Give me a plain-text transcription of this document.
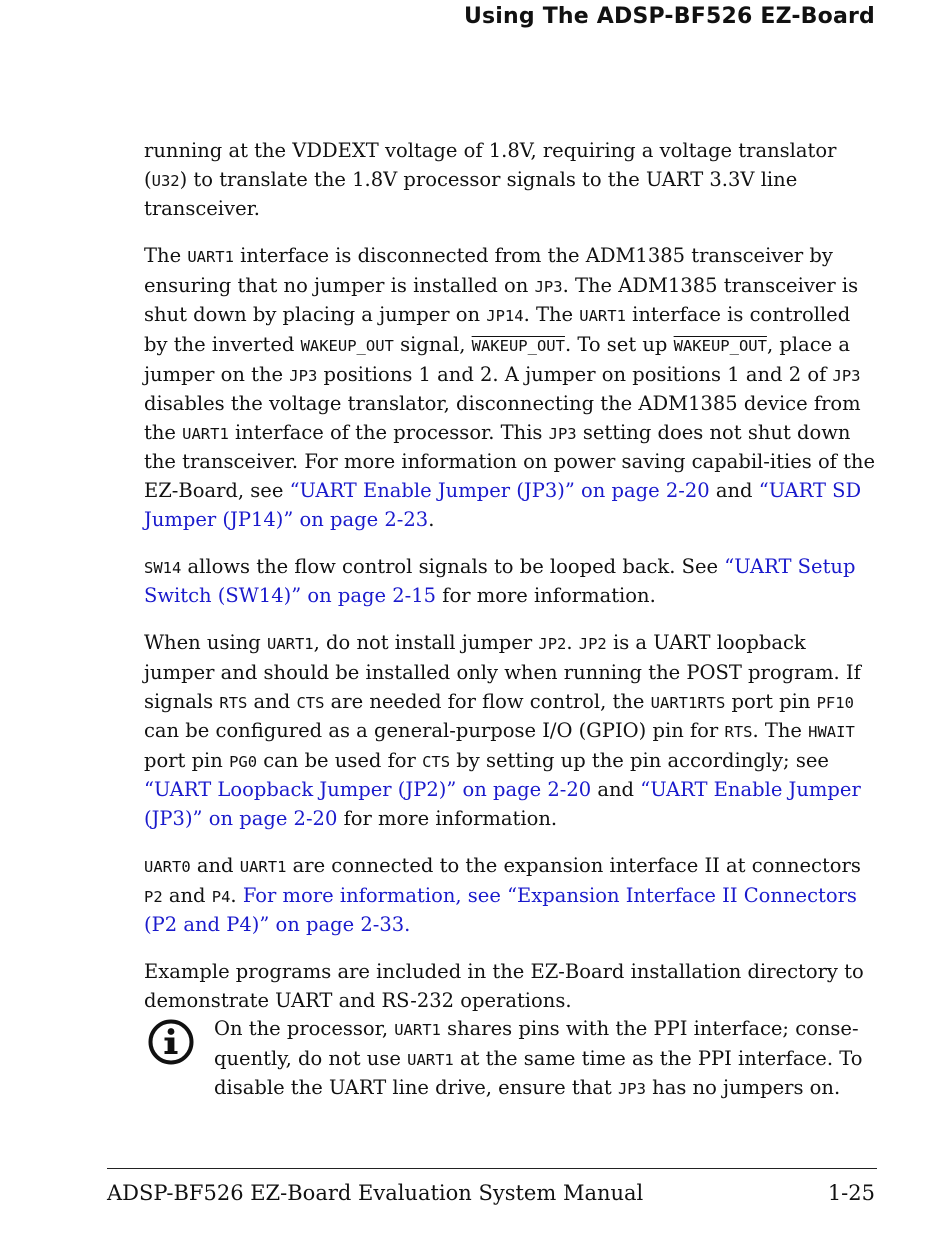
Using The ADSP-BF526 EZ-Board

running at the VDDEXT voltage of 1.8V, requiring a voltage translator (U32) to translate the 1.8V processor signals to the UART 3.3V line transceiver.

The UART1 interface is disconnected from the ADM1385 transceiver by ensuring that no jumper is installed on JP3. The ADM1385 transceiver is shut down by placing a jumper on JP14. The UART1 interface is controlled by the inverted WAKEUP_OUT signal, WAKEUP_OUT. To set up WAKEUP_OUT, place a jumper on the JP3 positions 1 and 2. A jumper on positions 1 and 2 of JP3 disables the voltage translator, disconnecting the ADM1385 device from the UART1 interface of the processor. This JP3 setting does not shut down the transceiver. For more information on power saving capabil-ities of the EZ-Board, see “UART Enable Jumper (JP3)” on page 2-20 and “UART SD Jumper (JP14)” on page 2-23.

SW14 allows the flow control signals to be looped back. See “UART Setup Switch (SW14)” on page 2-15 for more information.

When using UART1, do not install jumper JP2. JP2 is a UART loopback jumper and should be installed only when running the POST program. If signals RTS and CTS are needed for flow control, the UART1RTS port pin PF10 can be configured as a general-purpose I/O (GPIO) pin for RTS. The HWAIT port pin PG0 can be used for CTS by setting up the pin accordingly; see “UART Loopback Jumper (JP2)” on page 2-20 and “UART Enable Jumper (JP3)” on page 2-20 for more information.

UART0 and UART1 are connected to the expansion interface II at connectors P2 and P4. For more information, see “Expansion Interface II Connectors (P2 and P4)” on page 2-33.

Example programs are included in the EZ-Board installation directory to demonstrate UART and RS-232 operations.

On the processor, UART1 shares pins with the PPI interface; conse-quently, do not use UART1 at the same time as the PPI interface. To disable the UART line drive, ensure that JP3 has no jumpers on.
ADSP-BF526 EZ-Board Evaluation System Manual	1-25
